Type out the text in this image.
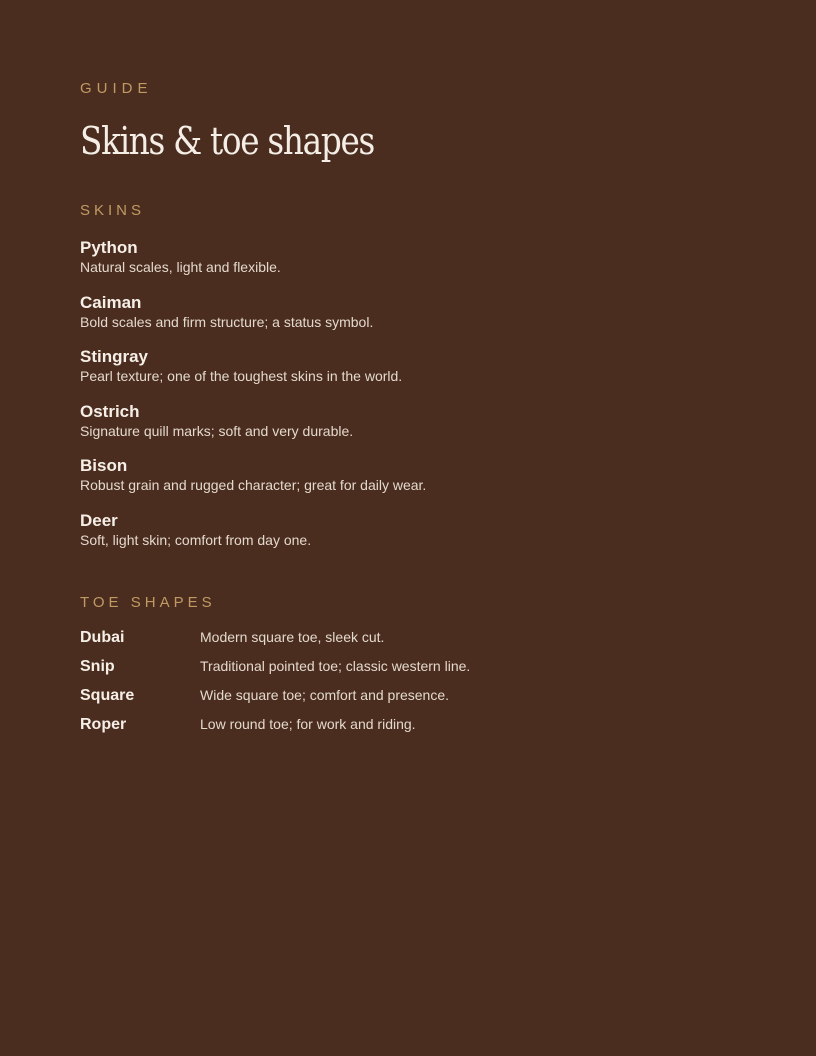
GUIDE
Skins & toe shapes
SKINS
Python
Natural scales, light and flexible.
Caiman
Bold scales and firm structure; a status symbol.
Stingray
Pearl texture; one of the toughest skins in the world.
Ostrich
Signature quill marks; soft and very durable.
Bison
Robust grain and rugged character; great for daily wear.
Deer
Soft, light skin; comfort from day one.
TOE SHAPES
Dubai	Modern square toe, sleek cut.
Snip	Traditional pointed toe; classic western line.
Square	Wide square toe; comfort and presence.
Roper	Low round toe; for work and riding.
